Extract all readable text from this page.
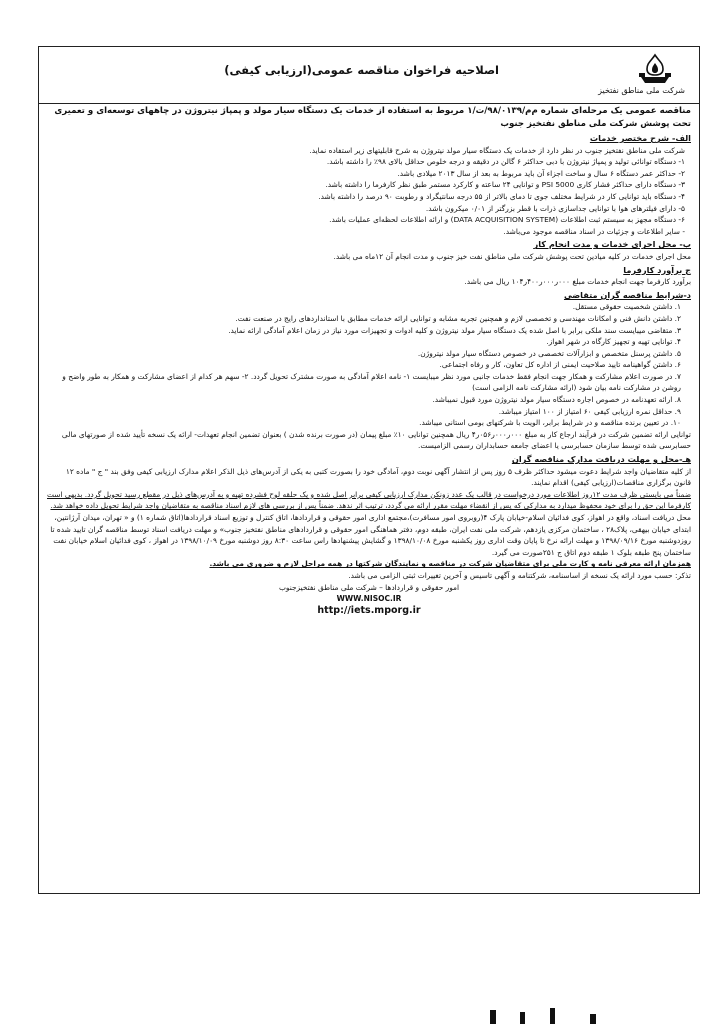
شرکت ملی مناطق نفتخیز
اصلاحیه فراخوان مناقصه عمومی(ارزیابی کیفی)

مناقصه عمومی یک مرحله‌ای شماره م‌م/۹۸/۰۱۳۹/ت/۱ مربوط به استفاده از خدمات یک دستگاه سیار مولد و پمپاژ نیتروژن در چاههای توسعه‌ای و تعمیری تحت پوشش شرکت ملی مناطق نفتخیز جنوب

الف- شرح مختصر خدمات

شرکت ملی مناطق نفتخیز جنوب در نظر دارد از خدمات یک دستگاه سیار مولد نیتروژن به شرح قابلیتهای زیر استفاده نماید.

۱- دستگاه توانائی تولید و پمپاژ نیتروژن با دبی حداکثر ۶ گالن در دقیقه و درجه خلوص حداقل بالای ۹۸٪ را داشته باشد.

۲- حداکثر عمر دستگاه ۶ سال و ساخت اجزاء آن باید مربوط به بعد از سال ۲۰۱۳ میلادی باشد.

۳- دستگاه دارای حداکثر فشار کاری PSI 5000 و توانایی ۲۴ ساعته و کارکرد مستمر طبق نظر کارفرما را داشته باشد.

۴- دستگاه باید توانایی کار در شرایط مختلف جوی تا دمای بالاتر از ۵۵ درجه سانتیگراد و رطوبت ۹۰ درصد را داشته باشد.

۵- دارای فیلترهای هوا با توانایی جداسازی ذرات با قطر بزرگتر از ۰/۰۱ میکرون باشد.

۶- دستگاه مجهز به سیستم ثبت اطلاعات (DATA ACQUISITION SYSTEM) و ارائه اطلاعات لحظه‌ای عملیات باشد.

- سایر اطلاعات و جزئیات در اسناد مناقصه موجود می‌باشد.

ب- محل اجرای خدمات و مدت انجام کار

محل اجرای خدمات در کلیه میادین تحت پوشش شرکت ملی مناطق نفت خیز جنوب و مدت انجام آن ۱۲ماه می باشد.

ج برآورد کارفرما

برآورد کارفرما جهت انجام خدمات مبلغ ۰۰۰ر۰۰۰ر۴۰۰ر۱۰۴ ریال می باشد.

د-شرایط مناقصه گران متقاضی

۱. داشتن شخصیت حقوقی مستقل.

۲. داشتن دانش فنی و امکانات مهندسی و تخصصی لازم و همچنین تجربه مشابه و توانایی ارائه خدمات مطابق با استانداردهای رایج در صنعت نفت.

۳. متقاضی میبایست سند ملکی برابر با اصل شده یک دستگاه سیار مولد نیتروژن و کلیه ادوات و تجهیزات مورد نیاز در زمان اعلام آمادگی ارائه نماید.

۴. توانایی تهیه و تجهیز کارگاه در شهر اهواز.

۵. داشتن پرسنل متخصص و ابزارآلات تخصصی در خصوص دستگاه سیار مولد نیتروژن.

۶. داشتن گواهینامه تایید صلاحیت ایمنی از اداره کل تعاون، کار و رفاه اجتماعی.

۷. در صورت اعلام مشارکت و همکار جهت انجام فقط خدمات جانبی مورد نظر میبایست ۱- نامه اعلام آمادگی به صورت مشترک تحویل گردد. ۲- سهم هر کدام از اعضای مشارکت و همکار به طور واضح و روشن در مشارکت نامه بیان شود (ارائه مشارکت نامه الزامی است)

۸. ارائه تعهدنامه در خصوص اجاره دستگاه سیار مولد نیتروژن مورد قبول نمیباشد.

۹. حداقل نمره ارزیابی کیفی ۶۰ امتیاز از ۱۰۰ امتیاز میباشد.

۱۰. در تعیین برنده مناقصه و در شرایط برابر، الویت با شرکتهای بومی استانی میباشد.

توانایی ارائه تضمین شرکت در فرآیند ارجاع کار به مبلغ ۰۰۰ر۰۰۰ر۰۵۶ر۴ ریال همچنین توانایی ۱۰٪ مبلغ پیمان (در صورت برنده شدن ) بعنوان تضمین انجام تعهدات- ارائه یک نسخه تأیید شده از صورتهای مالی حسابرسی شده توسط سازمان حسابرسی یا اعضای جامعه حسابداران رسمی الزامیست.

هـ-محل و مهلت دریافت مدارک مناقصه گران

از کلیه متقاضیان واجد شرایط دعوت میشود حداکثر ظرف ۵ روز پس از انتشار آگهی نوبت دوم، آمادگی خود را بصورت کتبی به یکی از آدرس‌های ذیل الذکر اعلام مدارک ارزیابی کیفی وفق بند " ج " ماده ۱۲ قانون برگزاری مناقصات(ارزیابی کیفی) اقدام نمایند.

ضمناً می بایستی ظرف مدت ۱۲روز اطلاعات مورد درخواست در قالب یک عدد زونکن مدارک ارزیابی کیفی برابر اصل شده و یک حلقه لوح فشرده تهیه و به آدرس‌های ذیل در مقطع رسید تحویل گردد. بدیهی است کارفرما این حق را برای خود محفوظ میدارد به مدارکی که پس از انقضاء مهلت مقرر ارائه می گردد، ترتیب اثر ندهد. ضمناً پس از بررسی های لازم اسناد مناقصه به متقاضیان واجد شرایط تحویل داده خواهد شد.

محل دریافت اسناد، واقع در اهواز، کوی فدائیان اسلام-خیابان پارک ۴(روبروی امور مسافرت)،مجتمع اداری امور حقوقی و قراردادها، اتاق کنترل و توزیع اسناد قراردادها(اتاق شماره ۱) و « تهران، میدان آرژانتین، ابتدای خیابان بیهقی، پلاک۲۸ ، ساختمان مرکزی یازدهم، شرکت ملی نفت ایران، طبقه دوم، دفتر هماهنگی امور حقوقی و قراردادهای مناطق نفتخیز جنوب» و مهلت دریافت اسناد توسط مناقصه گران تایید شده تا روزدوشنبه مورخ ۱۳۹۸/۰۹/۱۶ و مهلت ارائه نرخ تا پایان وقت اداری روز یکشنبه مورخ ۱۳۹۸/۱۰/۰۸ و گشایش پیشنهادها راس ساعت ۸:۳۰ روز دوشنبه مورخ ۱۳۹۸/۱۰/۰۹ در اهواز ، کوی فدائیان اسلام خیابان نفت ساختمان پنج طبقه بلوک ۱ طبقه دوم اتاق ج ۲۵۱صورت می گیرد.

همزمان ارائه معرفی نامه و کارت ملی برای متقاضیان شرکت در مناقصه و نمایندگان شرکتها در همه مراحل لازم و ضروری می باشد.

تذکر: حسب مورد ارائه یک نسخه از اساسنامه، شرکتنامه و آگهی تاسیس و آخرین تغییرات ثبتی الزامی می باشد.

امور حقوقی و قراردادها – شرکت ملی مناطق نفتخیزجنوب

WWW.NISOC.IR

http://iets.mporg.ir
